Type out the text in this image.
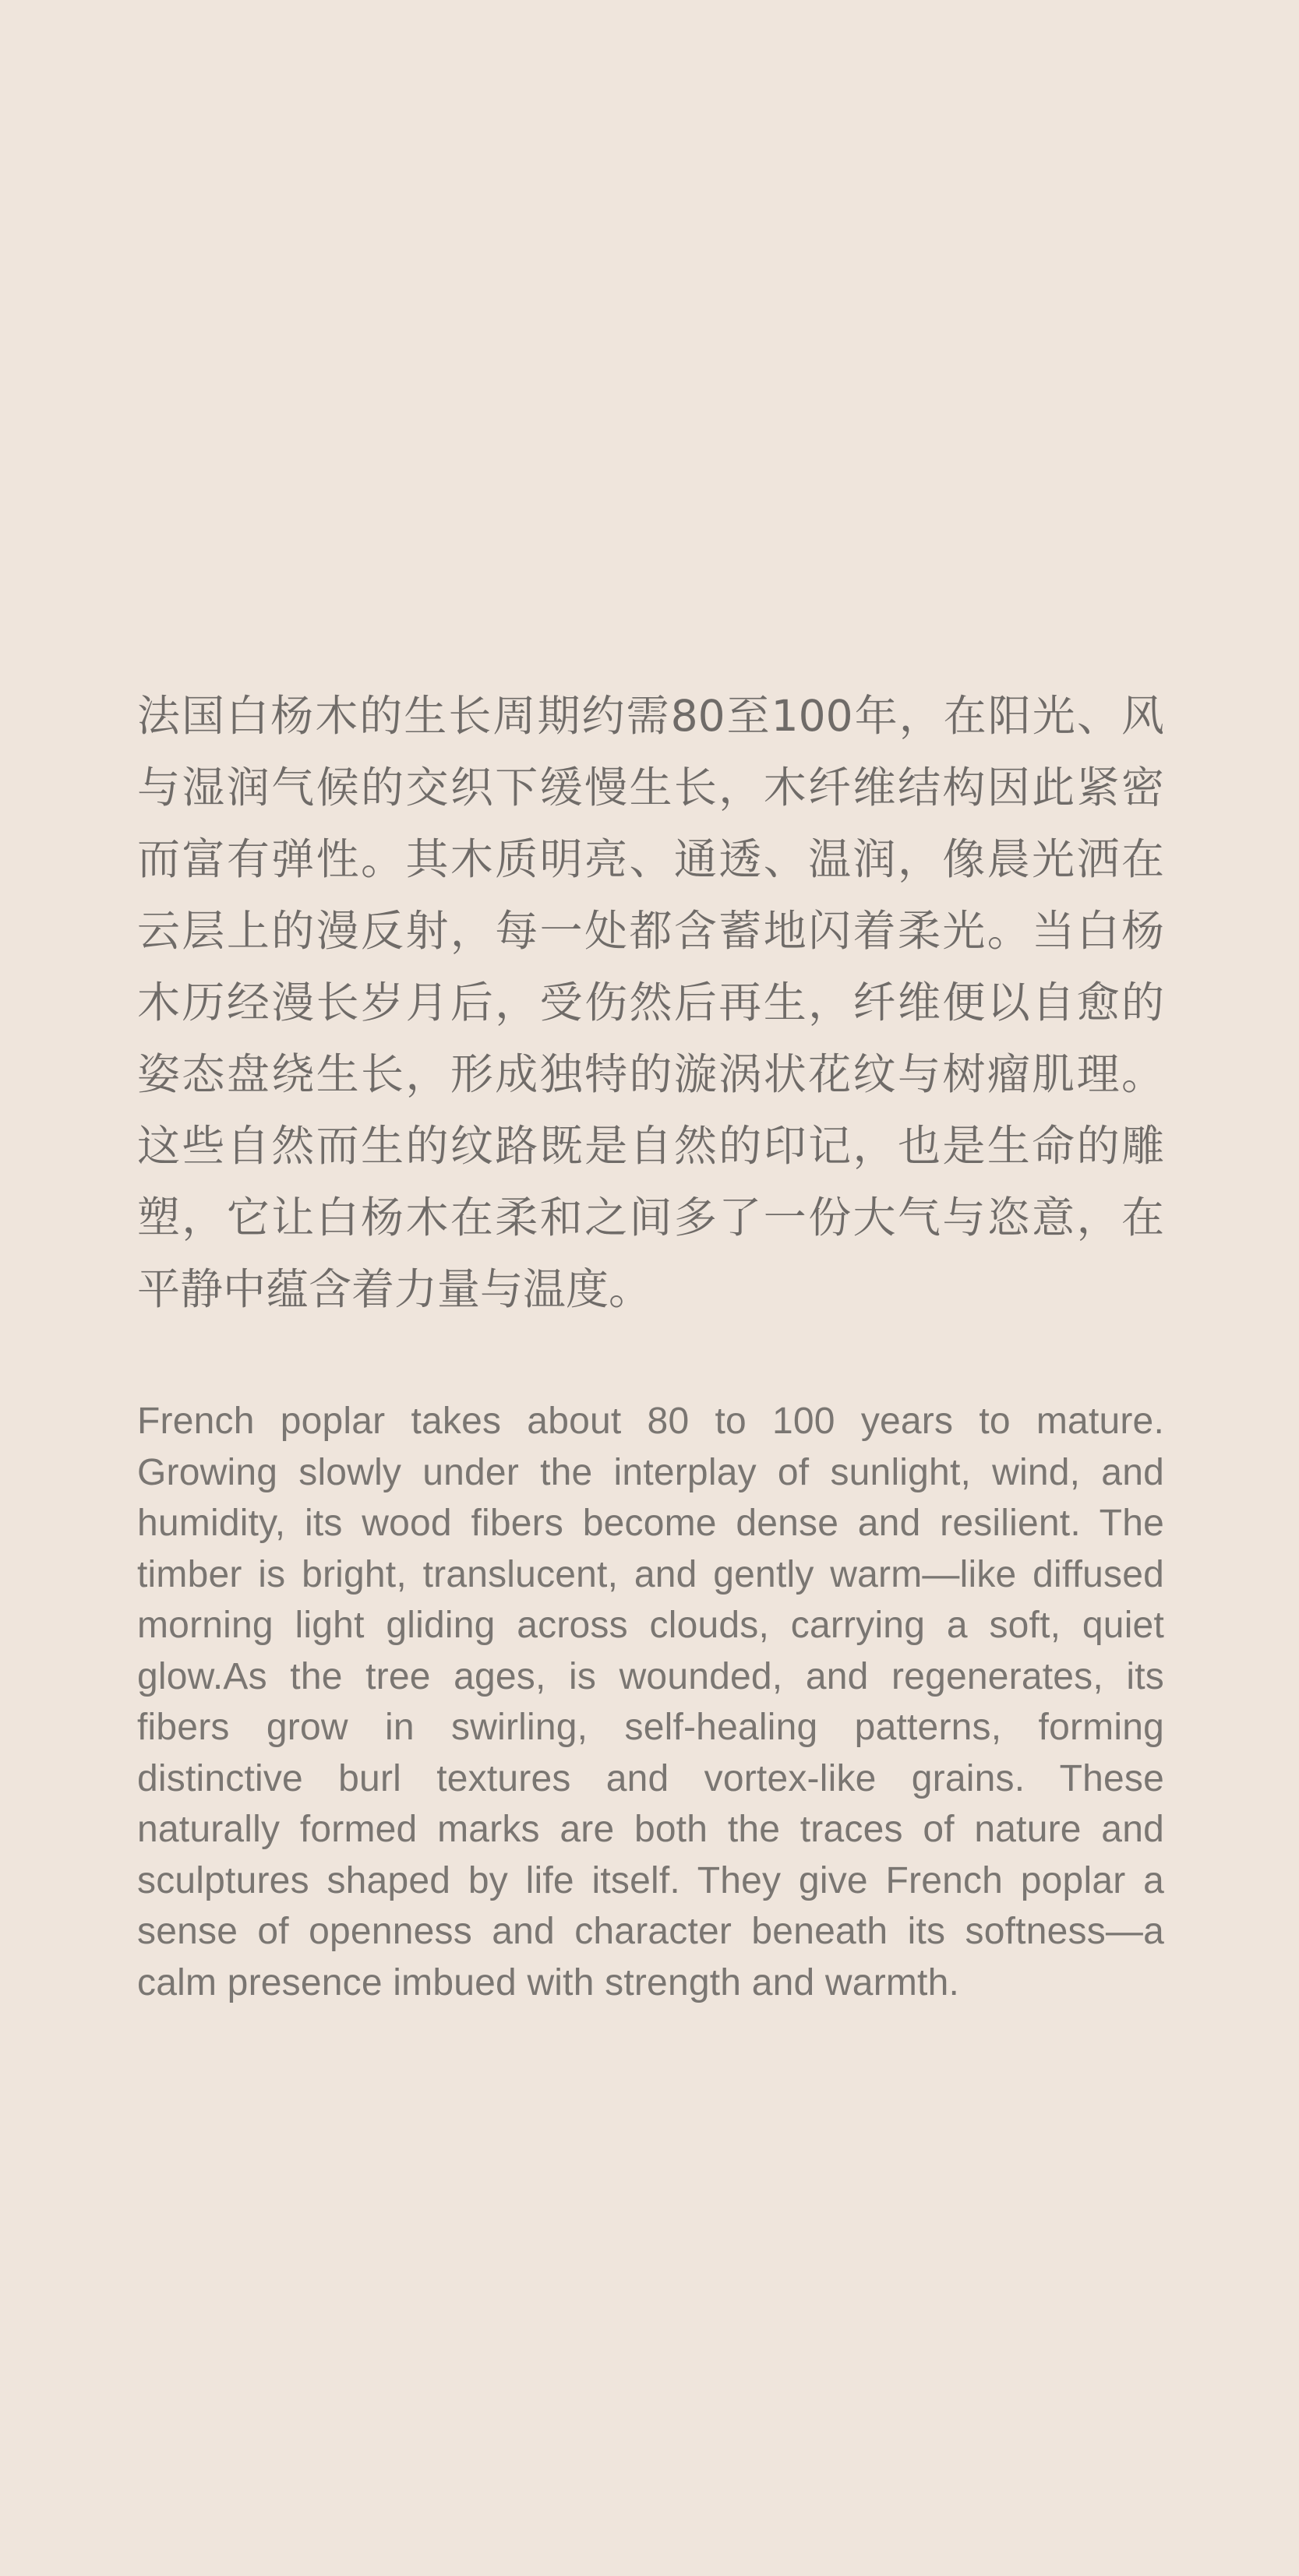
法国白杨木的生长周期约需80至100年，在阳光、风与湿润气候的交织下缓慢生长，木纤维结构因此紧密而富有弹性。其木质明亮、通透、温润，像晨光洒在云层上的漫反射，每一处都含蓄地闪着柔光。当白杨木历经漫长岁月后，受伤然后再生，纤维便以自愈的姿态盘绕生长，形成独特的漩涡状花纹与树瘤肌理。这些自然而生的纹路既是自然的印记，也是生命的雕塑，它让白杨木在柔和之间多了一份大气与恣意，在平静中蕴含着力量与温度。

French poplar takes about 80 to 100 years to mature. Growing slowly under the interplay of sunlight, wind, and humidity, its wood fibers become dense and resilient. The timber is bright, translucent, and gently warm—like diffused morning light gliding across clouds, carrying a soft, quiet glow.As the tree ages, is wounded, and regenerates, its fibers grow in swirling, self-healing patterns, forming distinctive burl textures and vortex-like grains. These naturally formed marks are both the traces of nature and sculptures shaped by life itself. They give French poplar a sense of openness and character beneath its softness—a calm presence imbued with strength and warmth.
